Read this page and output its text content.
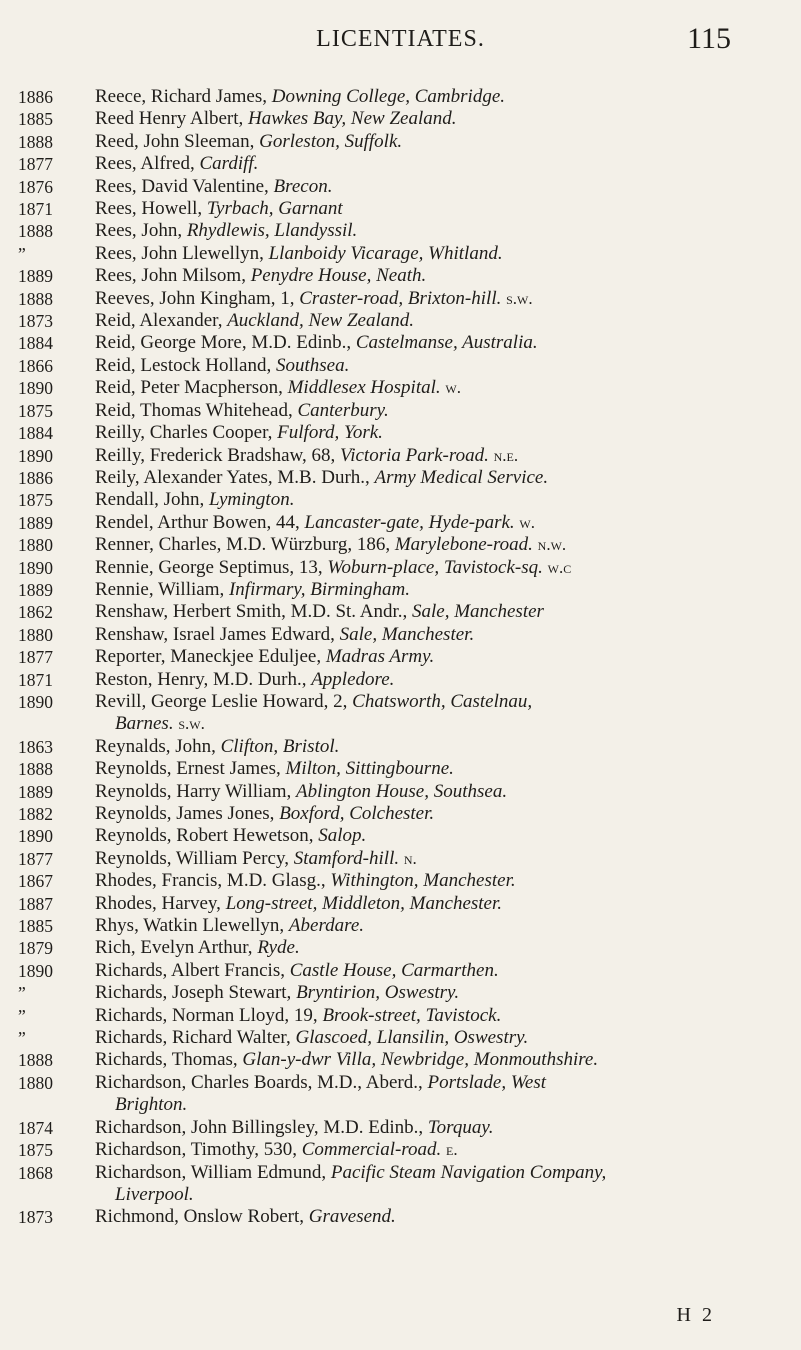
LICENTIATES.	115
1886	Reece, Richard James, Downing College, Cambridge.
1885	Reed Henry Albert, Hawkes Bay, New Zealand.
1888	Reed, John Sleeman, Gorleston, Suffolk.
1877	Rees, Alfred, Cardiff.
1876	Rees, David Valentine, Brecon.
1871	Rees, Howell, Tyrbach, Garnant
1888	Rees, John, Rhydlewis, Llandyssil.
”	Rees, John Llewellyn, Llanboidy Vicarage, Whitland.
1889	Rees, John Milsom, Penydre House, Neath.
1888	Reeves, John Kingham, 1, Craster-road, Brixton-hill. s.w.
1873	Reid, Alexander, Auckland, New Zealand.
1884	Reid, George More, M.D. Edinb., Castelmanse, Australia.
1866	Reid, Lestock Holland, Southsea.
1890	Reid, Peter Macpherson, Middlesex Hospital. w.
1875	Reid, Thomas Whitehead, Canterbury.
1884	Reilly, Charles Cooper, Fulford, York.
1890	Reilly, Frederick Bradshaw, 68, Victoria Park-road. n.e.
1886	Reily, Alexander Yates, M.B. Durh., Army Medical Service.
1875	Rendall, John, Lymington.
1889	Rendel, Arthur Bowen, 44, Lancaster-gate, Hyde-park. w.
1880	Renner, Charles, M.D. Würzburg, 186, Marylebone-road. n.w.
1890	Rennie, George Septimus, 13, Woburn-place, Tavistock-sq. w.c
1889	Rennie, William, Infirmary, Birmingham.
1862	Renshaw, Herbert Smith, M.D. St. Andr., Sale, Manchester
1880	Renshaw, Israel James Edward, Sale, Manchester.
1877	Reporter, Maneckjee Eduljee, Madras Army.
1871	Reston, Henry, M.D. Durh., Appledore.
1890	Revill, George Leslie Howard, 2, Chatsworth, Castelnau,
Barnes. s.w.
1863	Reynalds, John, Clifton, Bristol.
1888	Reynolds, Ernest James, Milton, Sittingbourne.
1889	Reynolds, Harry William, Ablington House, Southsea.
1882	Reynolds, James Jones, Boxford, Colchester.
1890	Reynolds, Robert Hewetson, Salop.
1877	Reynolds, William Percy, Stamford-hill. n.
1867	Rhodes, Francis, M.D. Glasg., Withington, Manchester.
1887	Rhodes, Harvey, Long-street, Middleton, Manchester.
1885	Rhys, Watkin Llewellyn, Aberdare.
1879	Rich, Evelyn Arthur, Ryde.
1890	Richards, Albert Francis, Castle House, Carmarthen.
”	Richards, Joseph Stewart, Bryntirion, Oswestry.
”	Richards, Norman Lloyd, 19, Brook-street, Tavistock.
”	Richards, Richard Walter, Glascoed, Llansilin, Oswestry.
1888	Richards, Thomas, Glan-y-dwr Villa, Newbridge, Monmouthshire.
1880	Richardson, Charles Boards, M.D., Aberd., Portslade, West
Brighton.
1874	Richardson, John Billingsley, M.D. Edinb., Torquay.
1875	Richardson, Timothy, 530, Commercial-road. e.
1868	Richardson, William Edmund, Pacific Steam Navigation Company,
Liverpool.
1873	Richmond, Onslow Robert, Gravesend.
H 2
